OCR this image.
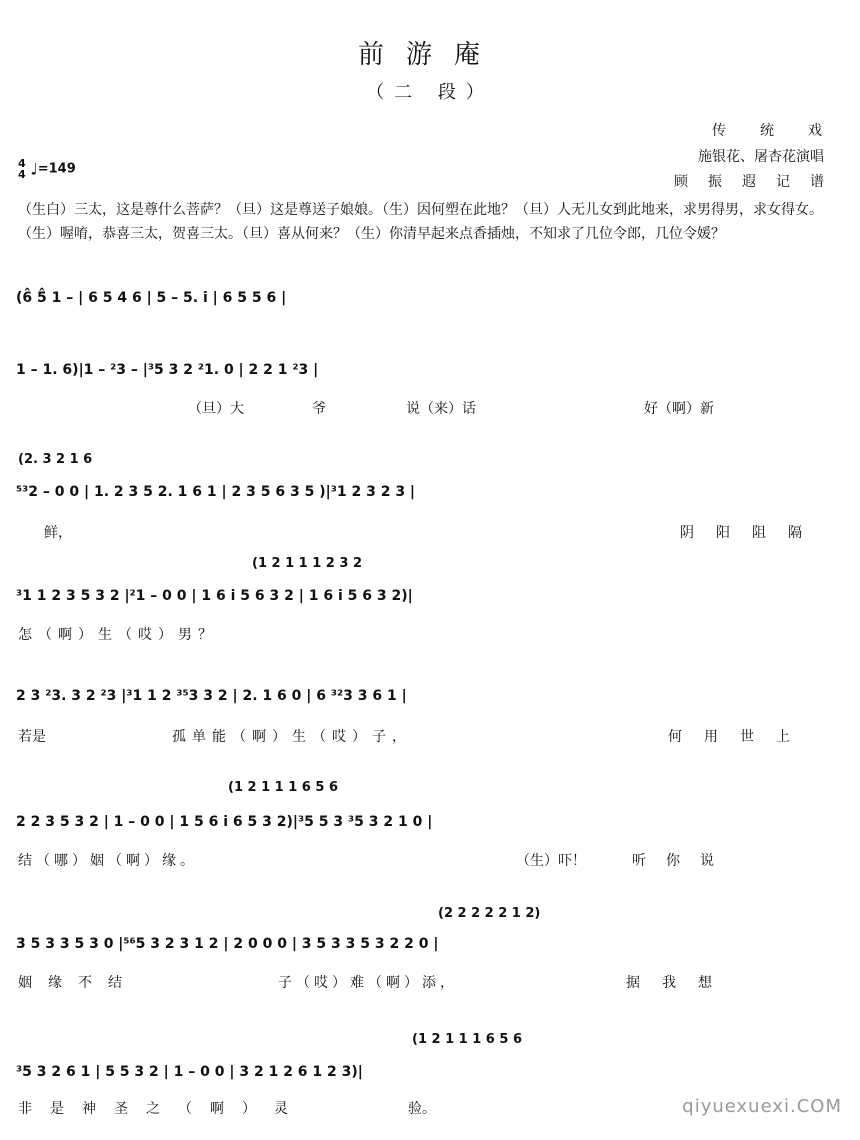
前游庵
（二 段）
传统戏
施银花、屠杏花演唱
顾振遐记谱
4
4 ♩=149
（生白）三太，这是尊什么菩萨？（旦）这是尊送子娘娘。（生）因何塑在此地？（旦）人无儿女到此地来，求男得男，求女得女。（生）喔唷，恭喜三太，贺喜三太。（旦）喜从何来？（生）你清早起来点香插烛，不知求了几位令郎，几位令媛？
(6̂ 5̂ 1 – | 6 5 4 6 | 5 – 5. i | 6 5 5 6 |
1 – 1. 6)|1 – ²3 – |³5 3 2 ²1. 0 | 2 2 1 ²3 |
（旦）大	爷	说（来）话	好（啊）新
(2. 3 2 1 6
⁵³2 – 0 0 | 1. 2 3 5 2. 1 6 1 | 2 3 5 6 3 5 )|³1 2 3 2 3 |
鲜，	阴阳阻隔
(1 2 1 1 1 2 3 2
³1 1 2 3 5 3 2 |²1 – 0 0 | 1 6 i 5 6 3 2 | 1 6 i 5 6 3 2)|
怎（啊）生（哎）男？
2 3 ²3. 3 2 ²3 |³1 1 2 ³⁵3 3 2 | 2. 1 6 0 | 6 ³²3 3 6 1 |
若是	孤单能（啊）生（哎）子，	何用世上
(1 2 1 1 1 6 5 6
2 2 3 5 3 2 | 1 – 0 0 | 1 5 6 i 6 5 3 2)|³5 5 3 ³5 3 2 1 0 |
结（哪）姻（啊）缘。	（生）吓！	听你说
(2 2 2 2 2 1 2)
3 5 3 3 5 3 0 |⁵⁶5 3 2 3 1 2 | 2 0 0 0 | 3 5 3 3 5 3 2 2 0 |
姻缘不结	子（哎）难（啊）添，	据我想
(1 2 1 1 1 6 5 6
³5 3 2 6 1 | 5 5 3 2 | 1 – 0 0 | 3 2 1 2 6 1 2 3)|
非是神圣之（啊）灵	验。	qiyuexuexi.COM
